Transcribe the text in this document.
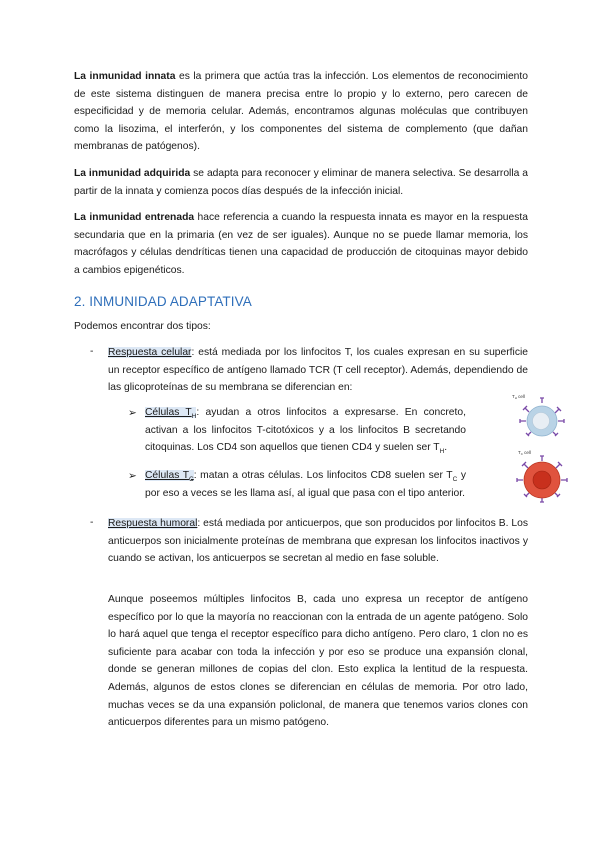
La inmunidad innata es la primera que actúa tras la infección. Los elementos de reconocimiento de este sistema distinguen de manera precisa entre lo propio y lo externo, pero carecen de especificidad y de memoria celular. Además, encontramos algunas moléculas que contribuyen como la lisozima, el interferón, y los componentes del sistema de complemento (que dañan membranas de patógenos).

La inmunidad adquirida se adapta para reconocer y eliminar de manera selectiva. Se desarrolla a partir de la innata y comienza pocos días después de la infección inicial.

La inmunidad entrenada hace referencia a cuando la respuesta innata es mayor en la respuesta secundaria que en la primaria (en vez de ser iguales). Aunque no se puede llamar memoria, los macrófagos y células dendríticas tienen una capacidad de producción de citoquinas mayor debido a cambios epigenéticos.

2. INMUNIDAD ADAPTATIVA

Podemos encontrar dos tipos:

- Respuesta celular: está mediada por los linfocitos T, los cuales expresan en su superficie un receptor específico de antígeno llamado TCR (T cell receptor). Además, dependiendo de las glicoproteínas de su membrana se diferencian en:

➢ Células $T_H$: ayudan a otros linfocitos a expresarse. En concreto, activan a los linfocitos T-citotóxicos y a los linfocitos B secretando citoquinas. Los CD4 son aquellos que tienen CD4 y suelen ser $T_H$.

➢ Células $T_C$: matan a otras células. Los linfocitos CD8 suelen ser $T_C$ y por eso a veces se les llama así, al igual que pasa con el tipo anterior.

$T_H$ cell
$T_C$ cell
- Respuesta humoral: está mediada por anticuerpos, que son producidos por linfocitos B. Los anticuerpos son inicialmente proteínas de membrana que expresan los linfocitos inactivos y cuando se activan, los anticuerpos se secretan al medio en fase soluble.

Aunque poseemos múltiples linfocitos B, cada uno expresa un receptor de antígeno específico por lo que la mayoría no reaccionan con la entrada de un agente patógeno. Solo lo hará aquel que tenga el receptor específico para dicho antígeno. Pero claro, 1 clon no es suficiente para acabar con toda la infección y por eso se produce una expansión clonal, donde se generan millones de copias del clon. Esto explica la lentitud de la respuesta. Además, algunos de estos clones se diferencian en células de memoria. Por otro lado, muchas veces se da una expansión policlonal, de manera que tenemos varios clones con anticuerpos diferentes para un mismo patógeno.
